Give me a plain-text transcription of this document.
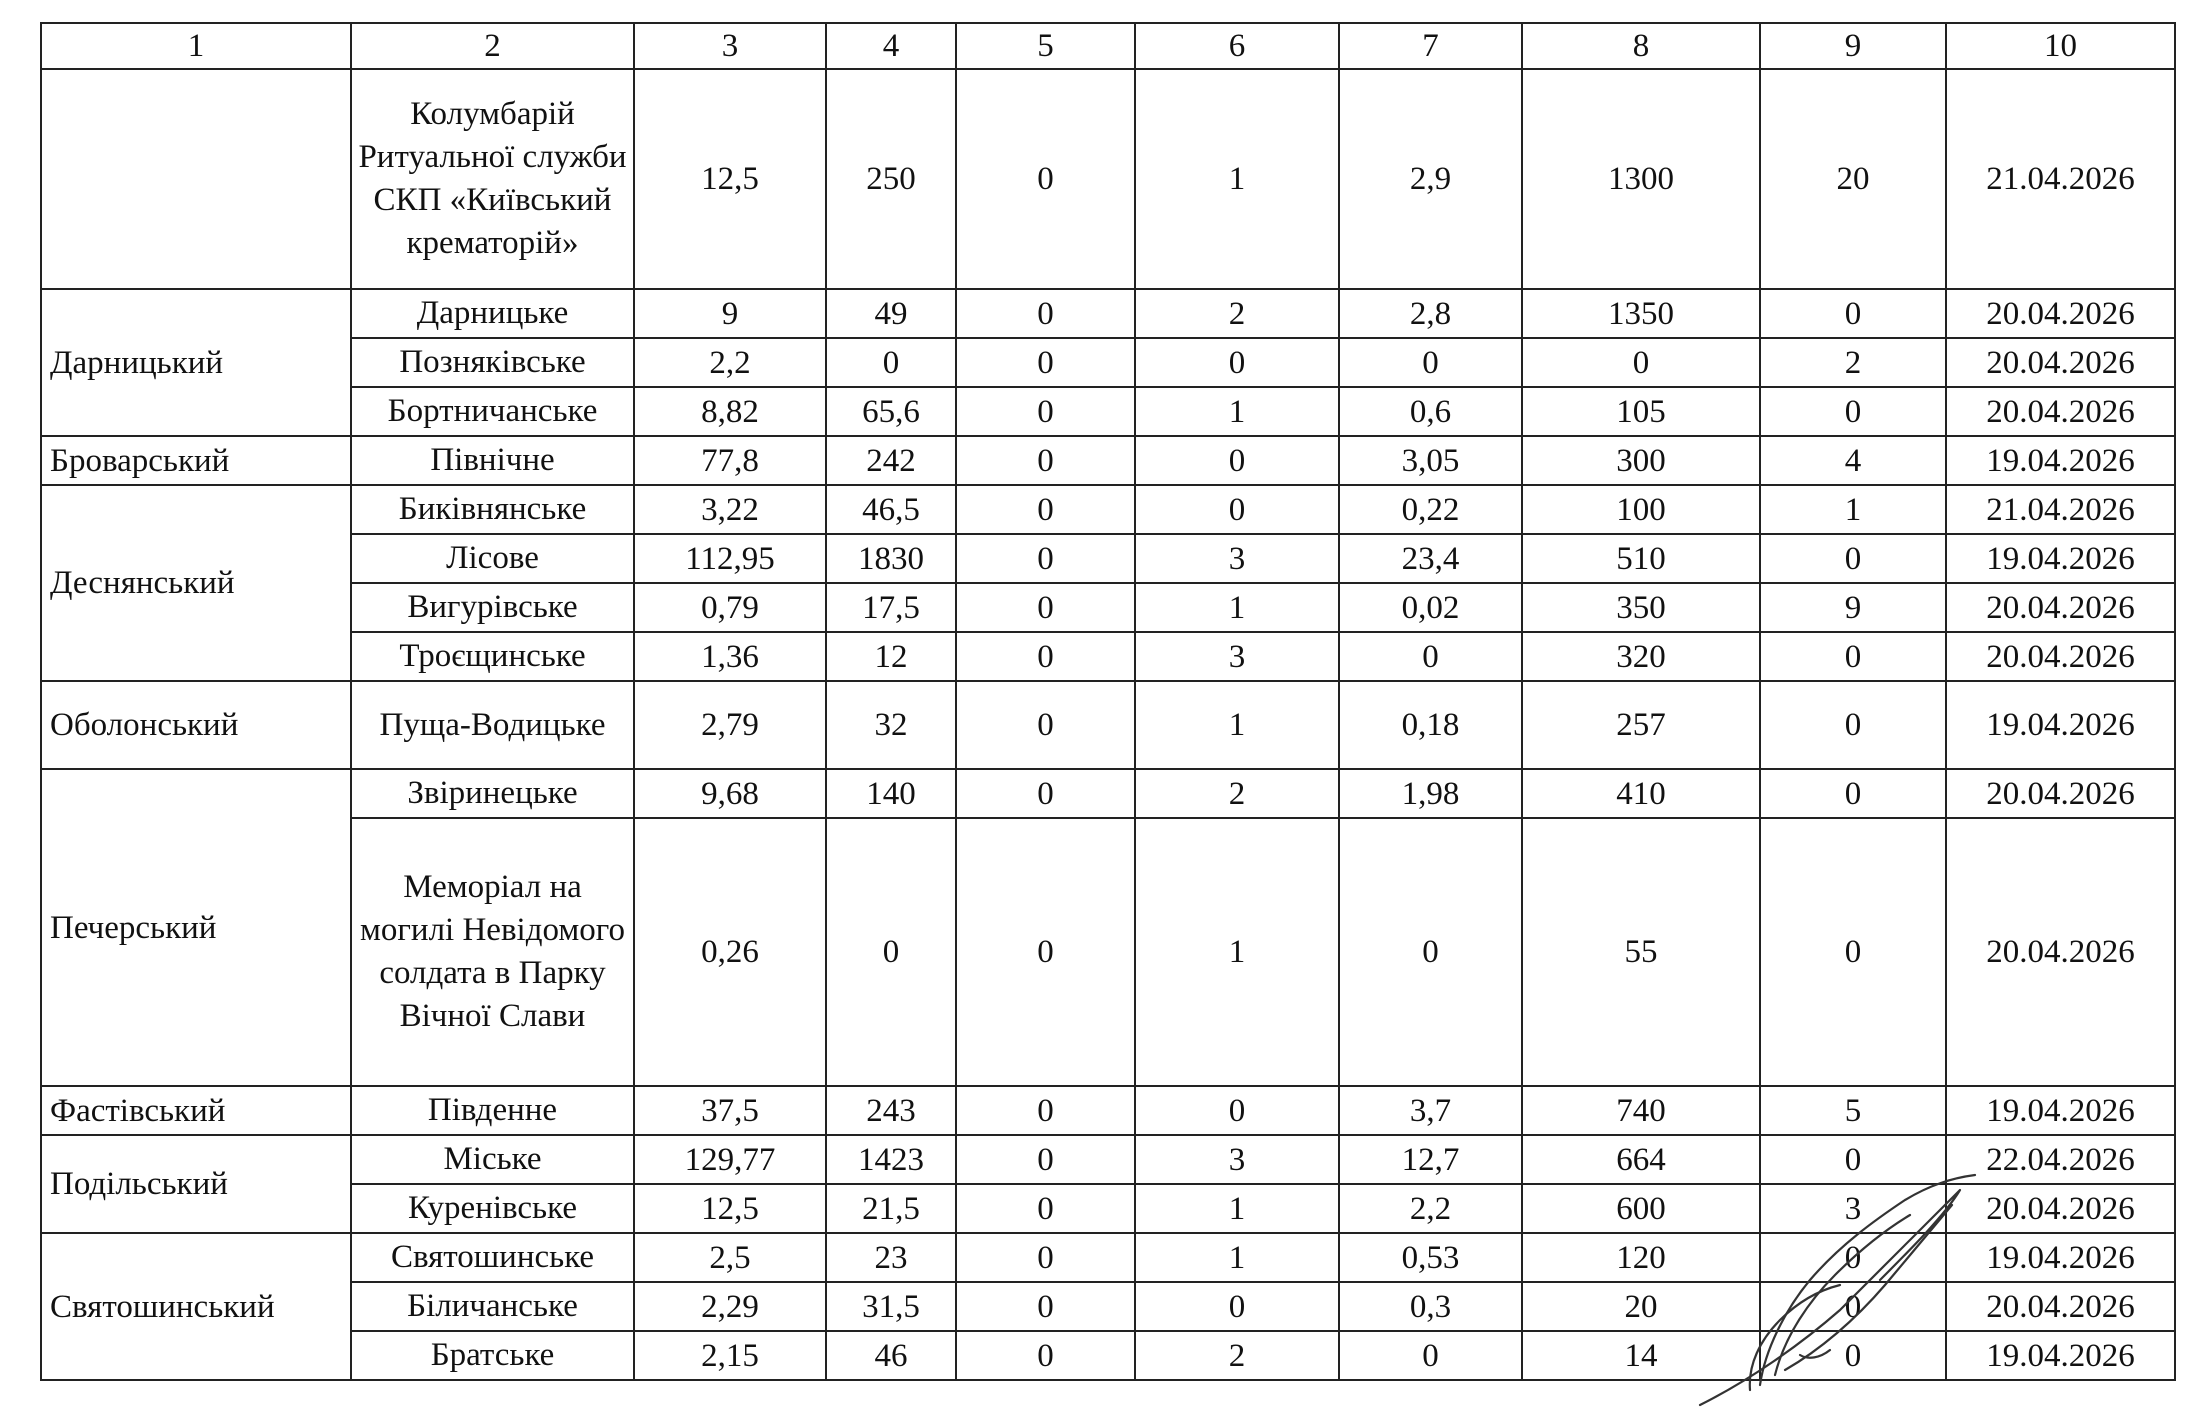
1	2	3	4	5	6	7	8	9	10
	Колумбарій Ритуальної служби СКП «Київський крематорій»	12,5	250	0	1	2,9	1300	20	21.04.2026
Дарницький	Дарницьке	9	49	0	2	2,8	1350	0	20.04.2026
	Позняківське	2,2	0	0	0	0	0	2	20.04.2026
	Бортничанське	8,82	65,6	0	1	0,6	105	0	20.04.2026
Броварський	Північне	77,8	242	0	0	3,05	300	4	19.04.2026
Деснянський	Биківнянське	3,22	46,5	0	0	0,22	100	1	21.04.2026
	Лісове	112,95	1830	0	3	23,4	510	0	19.04.2026
	Вигурівське	0,79	17,5	0	1	0,02	350	9	20.04.2026
	Троєщинське	1,36	12	0	3	0	320	0	20.04.2026
Оболонський	Пуща-Водицьке	2,79	32	0	1	0,18	257	0	19.04.2026
Печерський	Звіринецьке	9,68	140	0	2	1,98	410	0	20.04.2026
	Меморіал на могилі Невідомого солдата в Парку Вічної Слави	0,26	0	0	1	0	55	0	20.04.2026
Фастівський	Південне	37,5	243	0	0	3,7	740	5	19.04.2026
Подільський	Міське	129,77	1423	0	3	12,7	664	0	22.04.2026
	Куренівське	12,5	21,5	0	1	2,2	600	3	20.04.2026
Святошинський	Святошинське	2,5	23	0	1	0,53	120	0	19.04.2026
	Біличанське	2,29	31,5	0	0	0,3	20	0	20.04.2026
	Братське	2,15	46	0	2	0	14	0	19.04.2026
